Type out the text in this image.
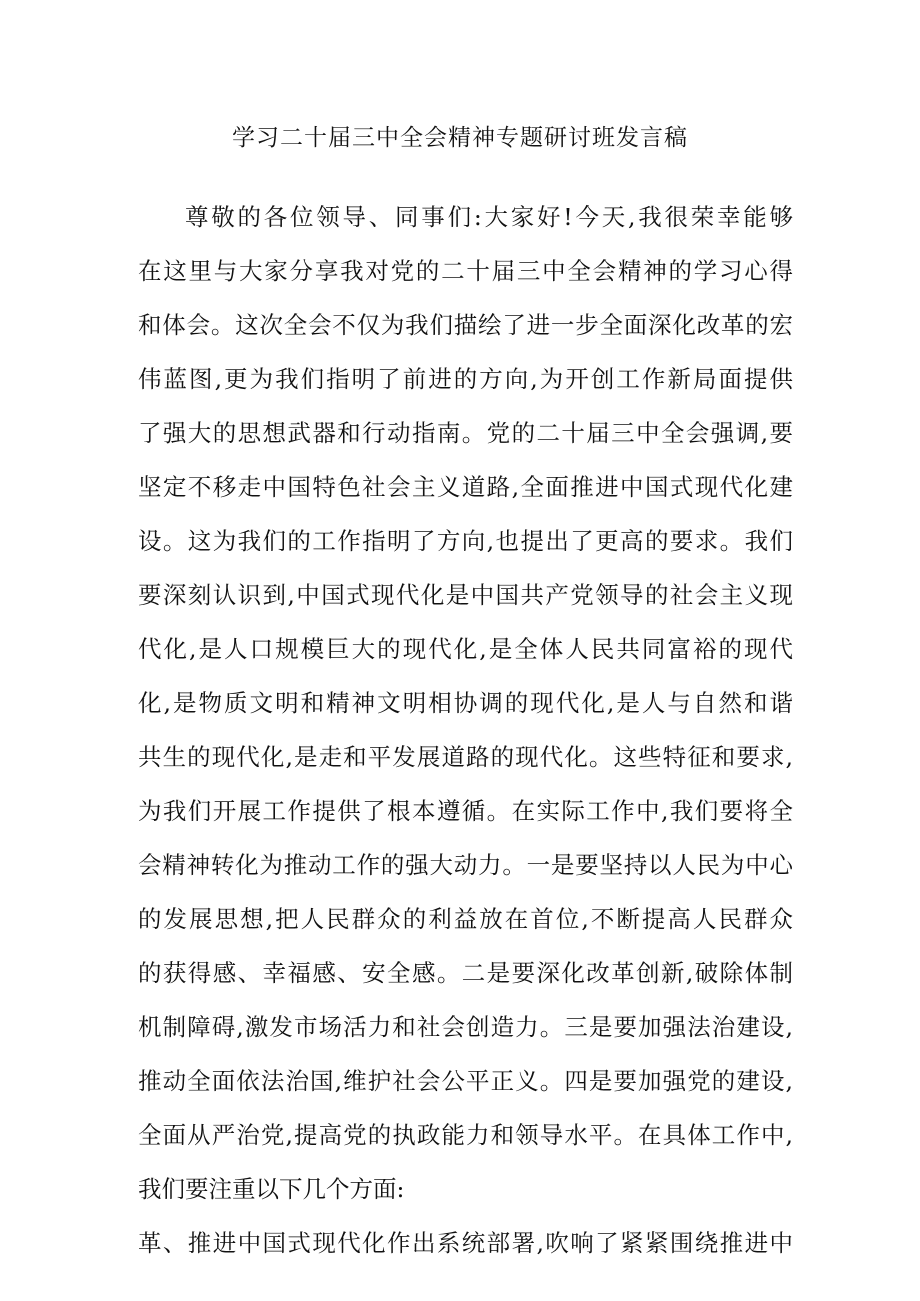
学习二十届三中全会精神专题研讨班发言稿
尊敬的各位领导、同事们:大家好!今天,我很荣幸能够
在这里与大家分享我对党的二十届三中全会精神的学习心得
和体会。这次全会不仅为我们描绘了进一步全面深化改革的宏
伟蓝图,更为我们指明了前进的方向,为开创工作新局面提供
了强大的思想武器和行动指南。党的二十届三中全会强调,要
坚定不移走中国特色社会主义道路,全面推进中国式现代化建
设。这为我们的工作指明了方向,也提出了更高的要求。我们
要深刻认识到,中国式现代化是中国共产党领导的社会主义现
代化,是人口规模巨大的现代化,是全体人民共同富裕的现代
化,是物质文明和精神文明相协调的现代化,是人与自然和谐
共生的现代化,是走和平发展道路的现代化。这些特征和要求,
为我们开展工作提供了根本遵循。在实际工作中,我们要将全
会精神转化为推动工作的强大动力。一是要坚持以人民为中心
的发展思想,把人民群众的利益放在首位,不断提高人民群众
的获得感、幸福感、安全感。二是要深化改革创新,破除体制
机制障碍,激发市场活力和社会创造力。三是要加强法治建设,
推动全面依法治国,维护社会公平正义。四是要加强党的建设,
全面从严治党,提高党的执政能力和领导水平。在具体工作中,
我们要注重以下几个方面:
革、推进中国式现代化作出系统部署,吹响了紧紧围绕推进中
